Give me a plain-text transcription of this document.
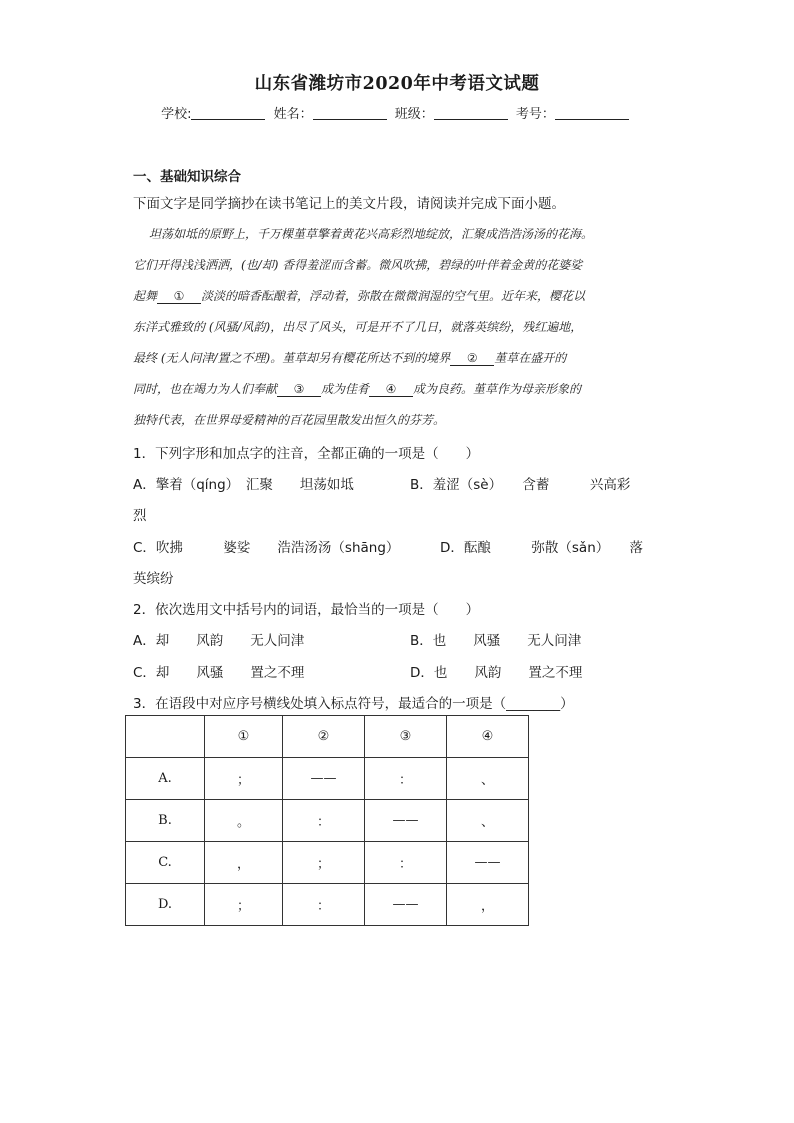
山东省潍坊市2020年中考语文试题
学校:	姓名：	班级：	考号：
一、基础知识综合
下面文字是同学摘抄在读书笔记上的美文片段，请阅读并完成下面小题。
坦荡如坻的原野上，千万棵堇草擎着黄花兴高彩烈地绽放，汇聚成浩浩汤汤的花海。
它们开得浅浅洒洒，(也/却) 香得羞涩而含蓄。微风吹拂，碧绿的叶伴着金黄的花婆娑
起舞 ① 淡淡的暗香酝酿着，浮动着，弥散在微微润湿的空气里。近年来，樱花以
东洋式雅致的 (风骚/风韵)，出尽了风头，可是开不了几日，就落英缤纷，残红遍地，
最终 (无人问津/置之不理)。堇草却另有樱花所达不到的境界 ② 堇草在盛开的
同时，也在竭力为人们奉献 ③ 成为佳肴 ④ 成为良药。堇草作为母亲形象的
独特代表，在世界母爱精神的百花园里散发出恒久的芬芳。
1．下列字形和加点字的注音，全都正确的一项是（　　）
A．擎着（qíng）　汇聚　　坦荡如坻	B．羞涩（sè）　　含蓄　　　兴高彩
烈
C．吹拂　　　婆娑　　浩浩汤汤（shāng）	D．酝酿　　　弥散（sǎn）　　落
英缤纷
2．依次选用文中括号内的词语，最恰当的一项是（　　）
A．却　　风韵　　无人问津	B．也　　风骚　　无人问津
C．却　　风骚　　置之不理	D．也　　风韵　　置之不理
3．在语段中对应序号横线处填入标点符号，最适合的一项是（________）
	①	②	③	④
A.	；	——	：	、
B.	。	：	——	、
C.	，	；	：	——
D.	；	：	——	，
